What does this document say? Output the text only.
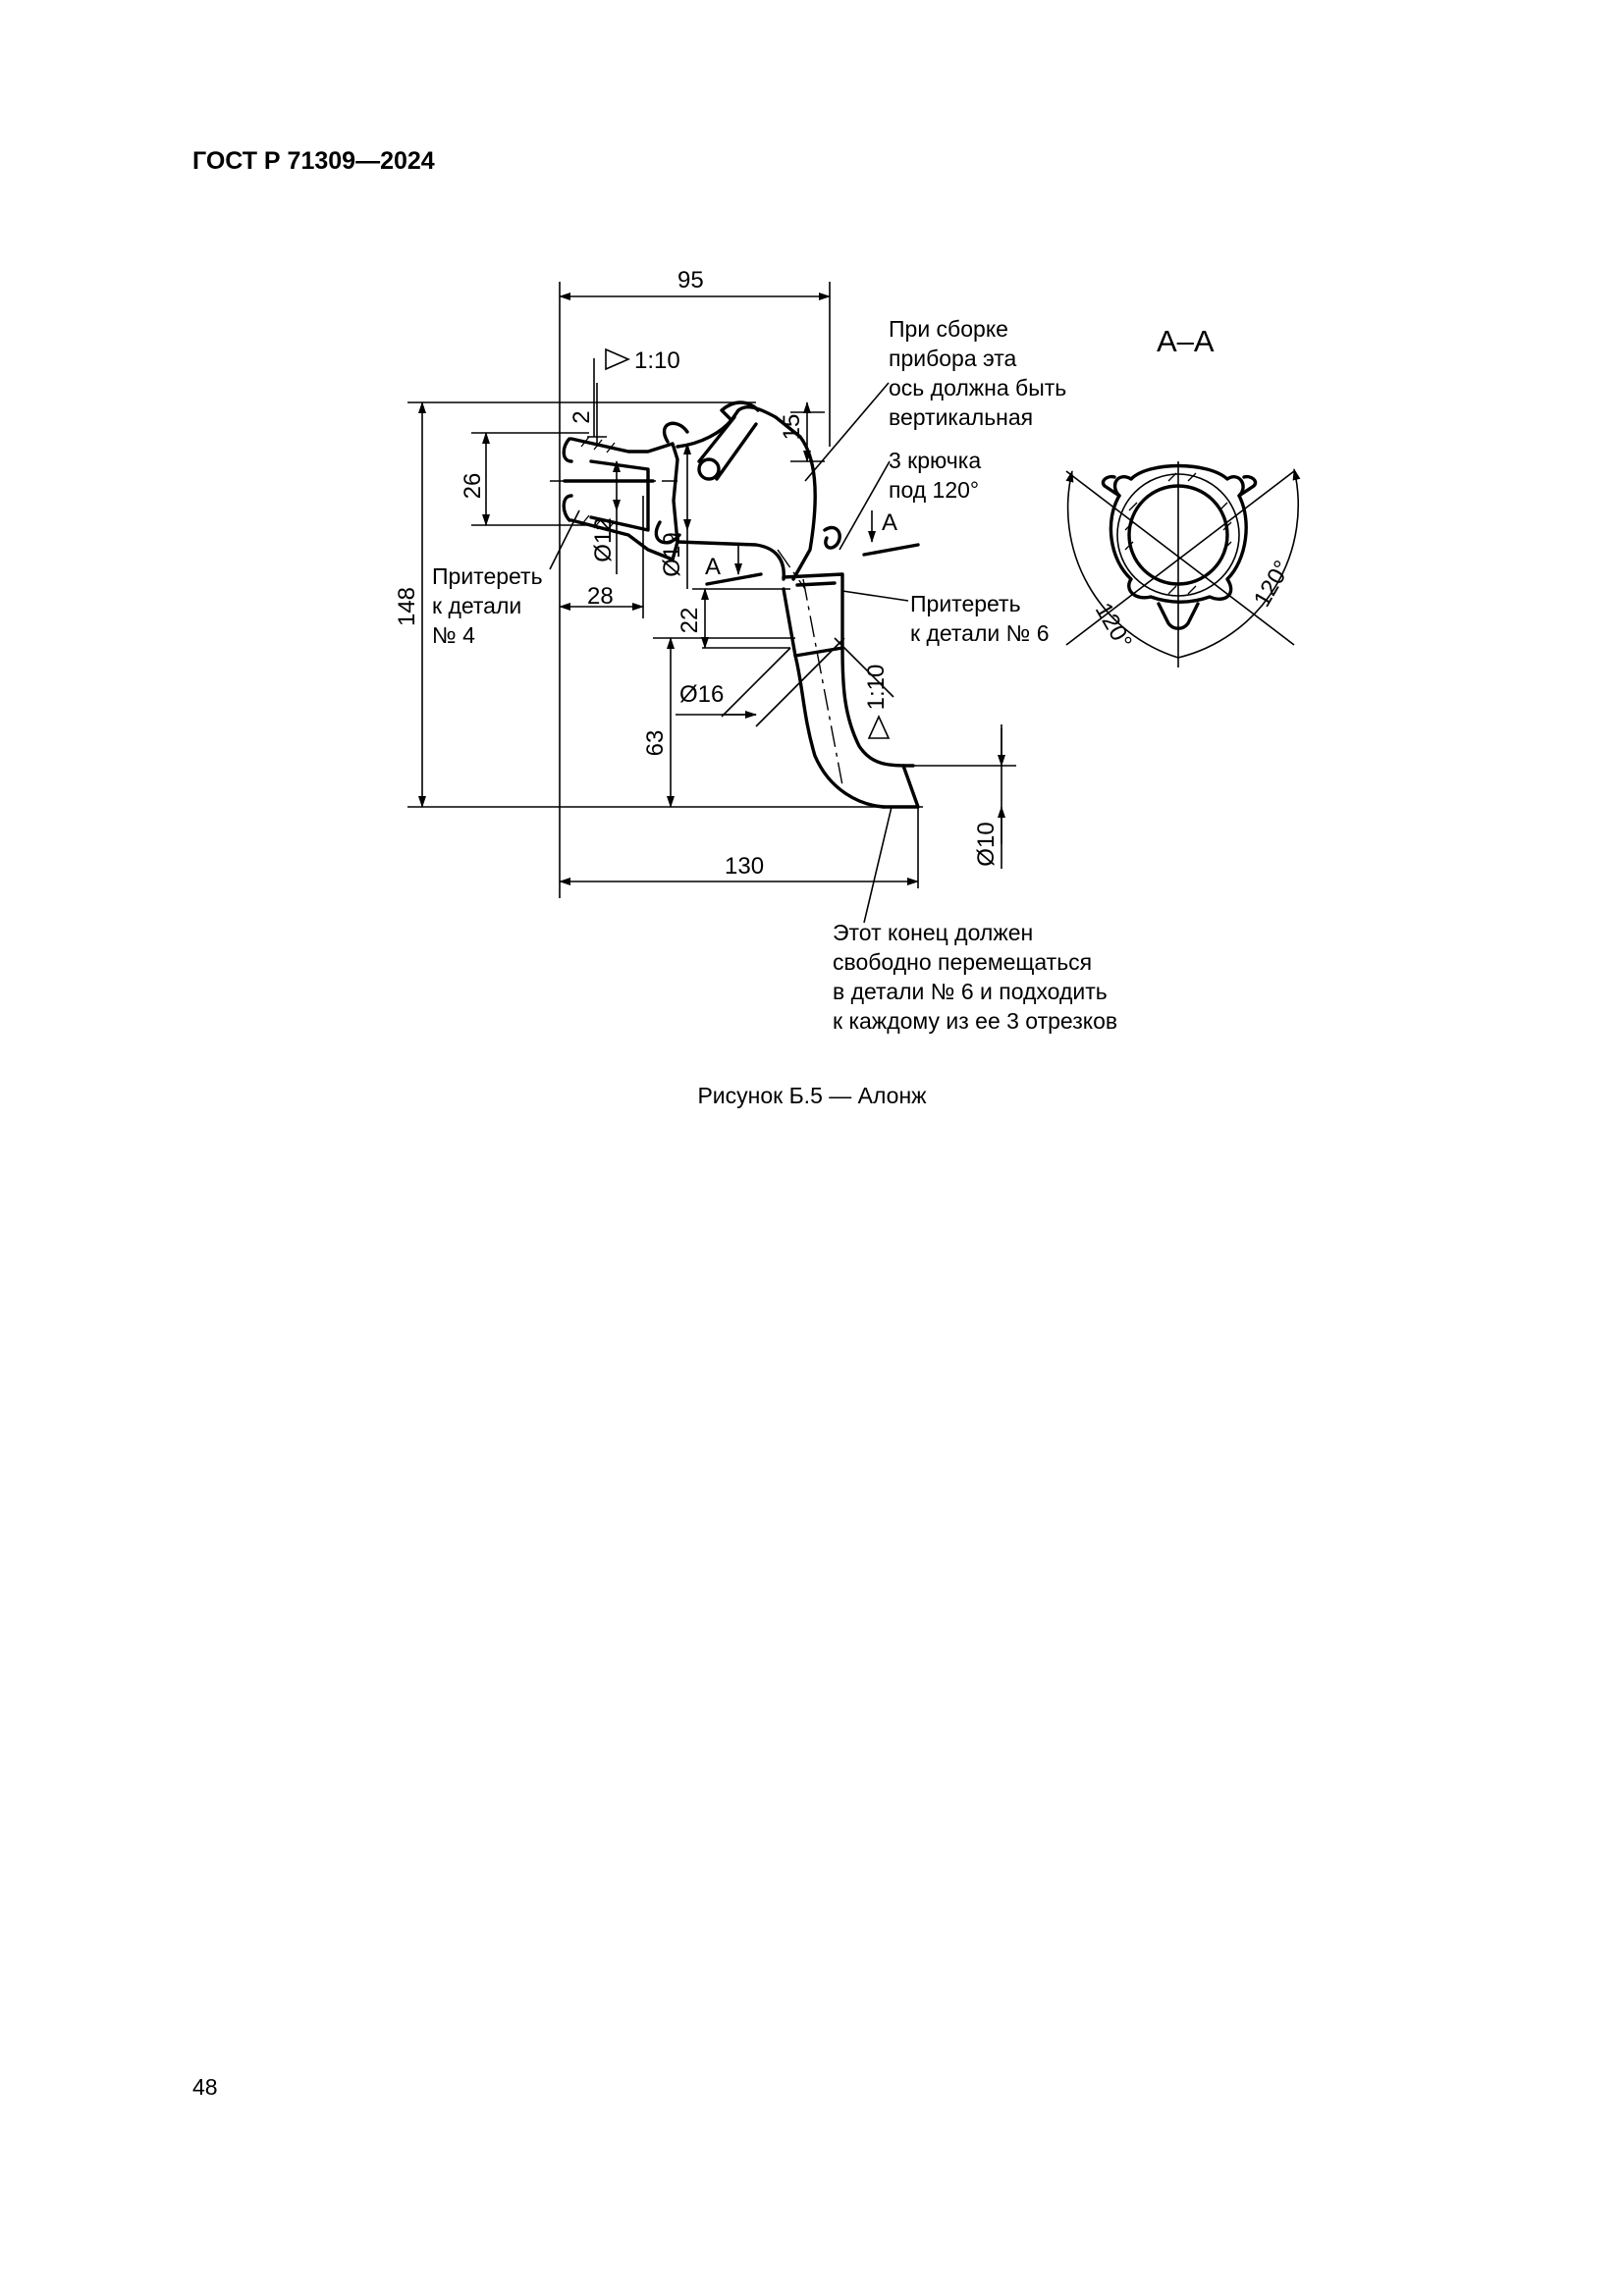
ГОСТ Р 71309—2024
95
148
130
26
28
22
63
15
2
Ø12 Ø19
Ø16
Ø10
1:10
1:10
A
A
120°
120°
А–А
При сборке прибора эта ось должна быть вертикальная
3 крючка под 120°
Притереть к детали № 4
Притереть к детали № 6
Этот конец должен свободно перемещаться в детали № 6 и подходить к каждому из ее 3 отрезков
Рисунок Б.5 — Алонж
48
